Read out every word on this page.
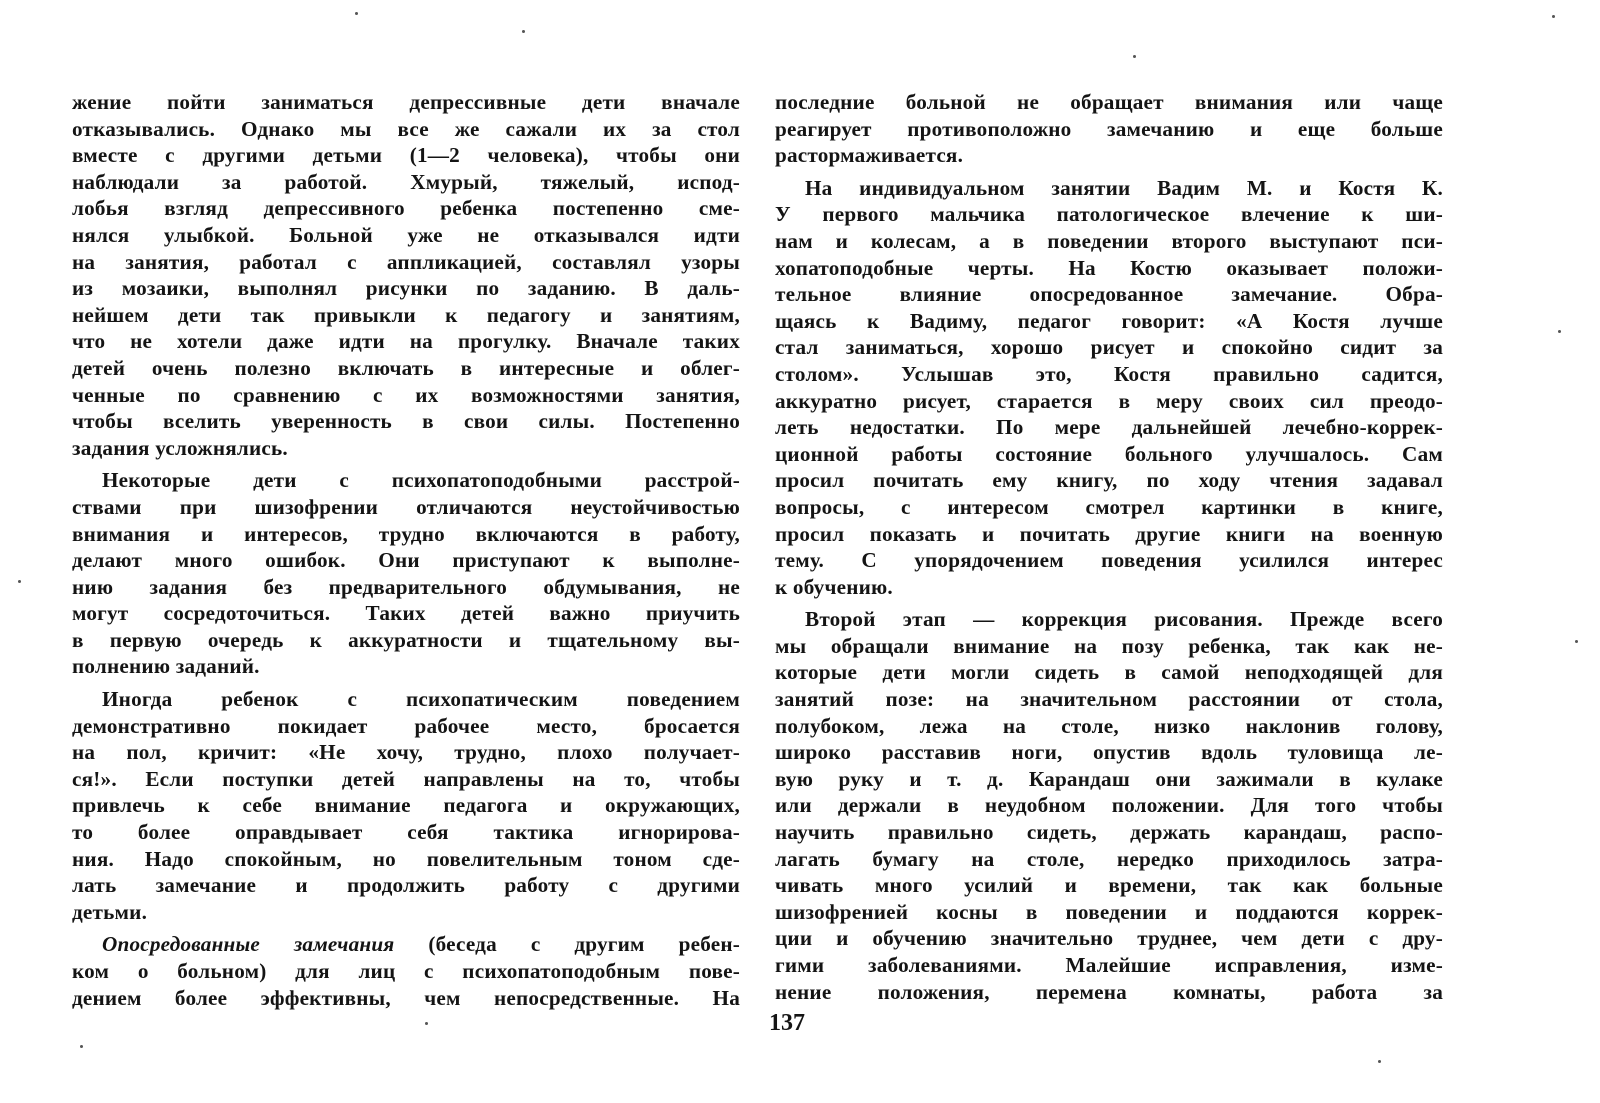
жение пойти заниматься депрессивные дети вначале
отказывались. Однако мы все же сажали их за стол
вместе с другими детьми (1—2 человека), чтобы они
наблюдали за работой. Хмурый, тяжелый, испод-
лобья взгляд депрессивного ребенка постепенно сме-
нялся улыбкой. Больной уже не отказывался идти
на занятия, работал с аппликацией, составлял узоры
из мозаики, выполнял рисунки по заданию. В даль-
нейшем дети так привыкли к педагогу и занятиям,
что не хотели даже идти на прогулку. Вначале таких
детей очень полезно включать в интересные и облег-
ченные по сравнению с их возможностями занятия,
чтобы вселить уверенность в свои силы. Постепенно
задания усложнялись.
Некоторые дети с психопатоподобными расстрой-
ствами при шизофрении отличаются неустойчивостью
внимания и интересов, трудно включаются в работу,
делают много ошибок. Они приступают к выполне-
нию задания без предварительного обдумывания, не
могут сосредоточиться. Таких детей важно приучить
в первую очередь к аккуратности и тщательному вы-
полнению заданий.
Иногда ребенок с психопатическим поведением
демонстративно покидает рабочее место, бросается
на пол, кричит: «Не хочу, трудно, плохо получает-
ся!». Если поступки детей направлены на то, чтобы
привлечь к себе внимание педагога и окружающих,
то более оправдывает себя тактика игнорирова-
ния. Надо спокойным, но повелительным тоном сде-
лать замечание и продолжить работу с другими
детьми.
Опосредованные замечания (беседа с другим ребен-
ком о больном) для лиц с психопатоподобным пове-
дением более эффективны, чем непосредственные. На
последние больной не обращает внимания или чаще
реагирует противоположно замечанию и еще больше
растормаживается.
На индивидуальном занятии Вадим М. и Костя К.
У первого мальчика патологическое влечение к ши-
нам и колесам, а в поведении второго выступают пси-
хопатоподобные черты. На Костю оказывает положи-
тельное влияние опосредованное замечание. Обра-
щаясь к Вадиму, педагог говорит: «А Костя лучше
стал заниматься, хорошо рисует и спокойно сидит за
столом». Услышав это, Костя правильно садится,
аккуратно рисует, старается в меру своих сил преодо-
леть недостатки. По мере дальнейшей лечебно-коррек-
ционной работы состояние больного улучшалось. Сам
просил почитать ему книгу, по ходу чтения задавал
вопросы, с интересом смотрел картинки в книге,
просил показать и почитать другие книги на военную
тему. С упорядочением поведения усилился интерес
к обучению.
Второй этап — коррекция рисования. Прежде всего
мы обращали внимание на позу ребенка, так как не-
которые дети могли сидеть в самой неподходящей для
занятий позе: на значительном расстоянии от стола,
полубоком, лежа на столе, низко наклонив голову,
широко расставив ноги, опустив вдоль туловища ле-
вую руку и т. д. Карандаш они зажимали в кулаке
или держали в неудобном положении. Для того чтобы
научить правильно сидеть, держать карандаш, распо-
лагать бумагу на столе, нередко приходилось затра-
чивать много усилий и времени, так как больные
шизофренией косны в поведении и поддаются коррек-
ции и обучению значительно труднее, чем дети с дру-
гими заболеваниями. Малейшие исправления, изме-
нение положения, перемена комнаты, работа за
137
